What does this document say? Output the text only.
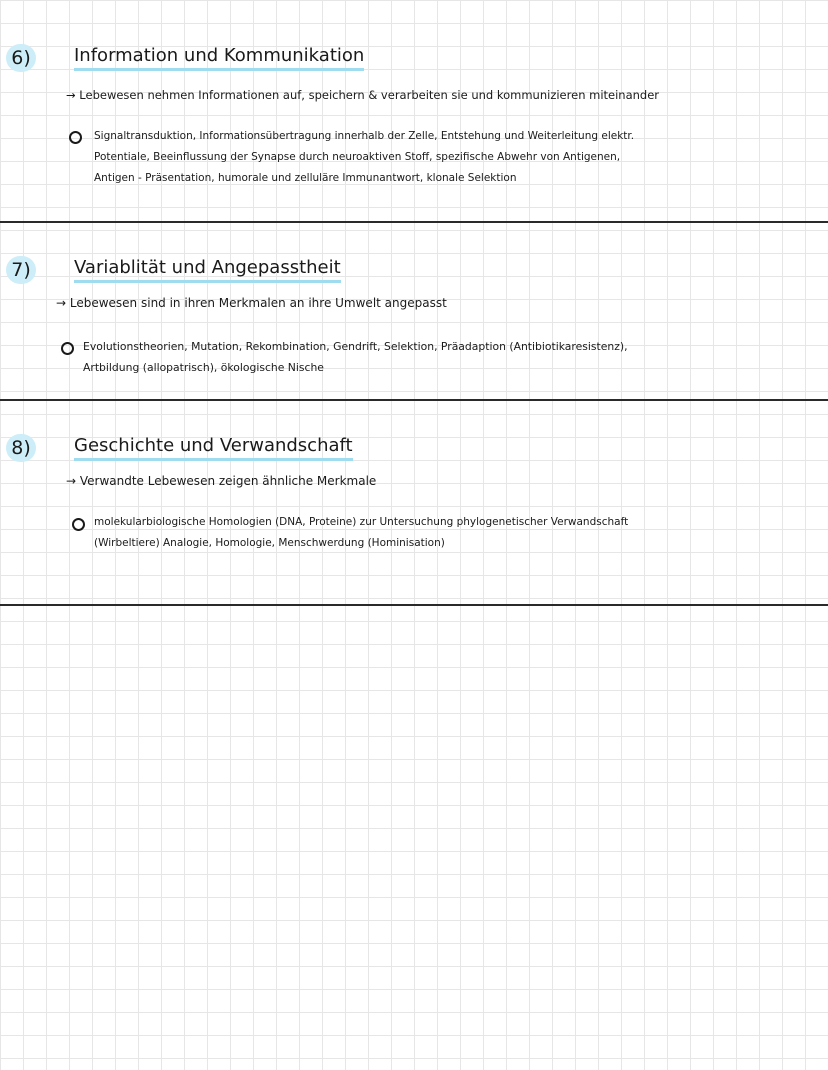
6) Information und Kommunikation
→ Lebewesen nehmen Informationen auf, speichern & verarbeiten sie und kommunizieren miteinander
Signaltransduktion, Informationsübertragung innerhalb der Zelle, Entstehung und Weiterleitung elektr.
Potentiale, Beeinflussung der Synapse durch neuroaktiven Stoff, spezifische Abwehr von Antigenen,
Antigen - Präsentation, humorale und zelluläre Immunantwort, klonale Selektion
7) Variablität und Angepasstheit
→ Lebewesen sind in ihren Merkmalen an ihre Umwelt angepasst
Evolutionstheorien, Mutation, Rekombination, Gendrift, Selektion, Präadaption (Antibiotikaresistenz),
Artbildung (allopatrisch), ökologische Nische
8) Geschichte und Verwandschaft
→ Verwandte Lebewesen zeigen ähnliche Merkmale
molekularbiologische Homologien (DNA, Proteine) zur Untersuchung phylogenetischer Verwandschaft
(Wirbeltiere) Analogie, Homologie, Menschwerdung (Hominisation)
